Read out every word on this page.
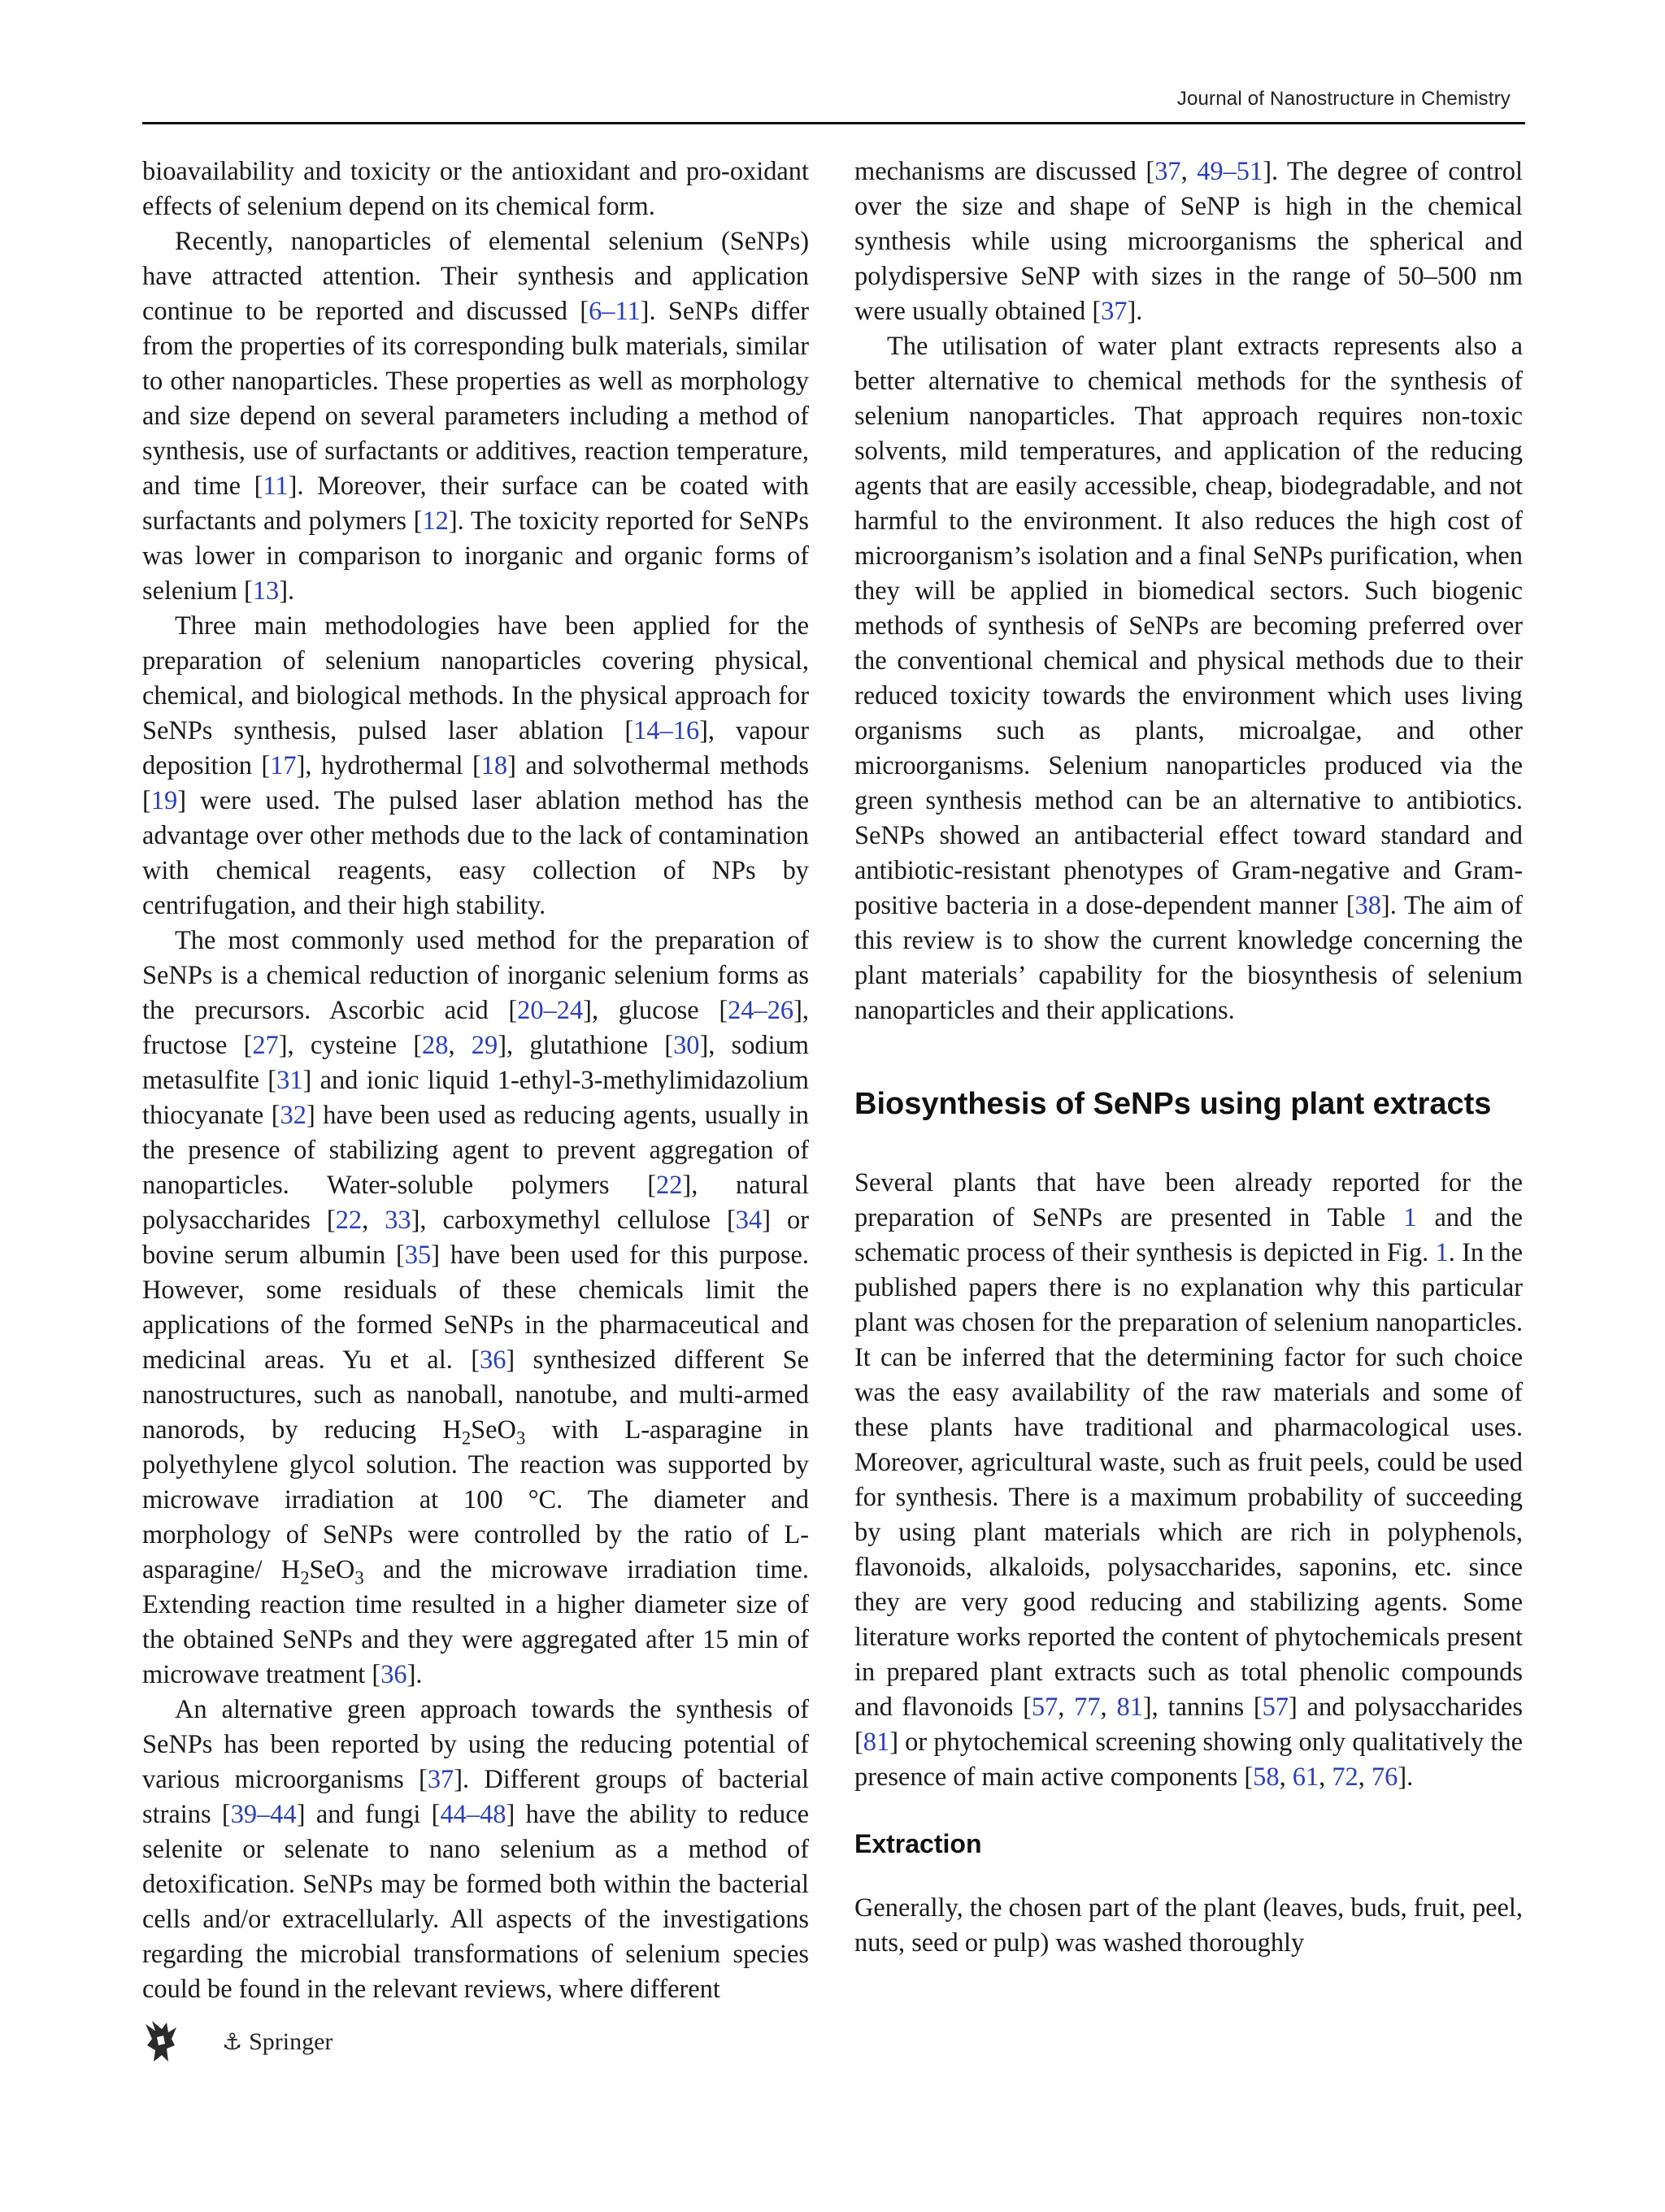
Journal of Nanostructure in Chemistry

bioavailability and toxicity or the antioxidant and pro-oxidant effects of selenium depend on its chemical form.

Recently, nanoparticles of elemental selenium (SeNPs) have attracted attention. Their synthesis and application continue to be reported and discussed [6–11]. SeNPs differ from the properties of its corresponding bulk materials, similar to other nanoparticles. These properties as well as morphology and size depend on several parameters including a method of synthesis, use of surfactants or additives, reaction temperature, and time [11]. Moreover, their surface can be coated with surfactants and polymers [12]. The toxicity reported for SeNPs was lower in comparison to inorganic and organic forms of selenium [13].

Three main methodologies have been applied for the preparation of selenium nanoparticles covering physical, chemical, and biological methods. In the physical approach for SeNPs synthesis, pulsed laser ablation [14–16], vapour deposition [17], hydrothermal [18] and solvothermal methods [19] were used. The pulsed laser ablation method has the advantage over other methods due to the lack of contamination with chemical reagents, easy collection of NPs by centrifugation, and their high stability.

The most commonly used method for the preparation of SeNPs is a chemical reduction of inorganic selenium forms as the precursors. Ascorbic acid [20–24], glucose [24–26], fructose [27], cysteine [28, 29], glutathione [30], sodium metasulfite [31] and ionic liquid 1-ethyl-3-methylimidazolium thiocyanate [32] have been used as reducing agents, usually in the presence of stabilizing agent to prevent aggregation of nanoparticles. Water-soluble polymers [22], natural polysaccharides [22, 33], carboxymethyl cellulose [34] or bovine serum albumin [35] have been used for this purpose. However, some residuals of these chemicals limit the applications of the formed SeNPs in the pharmaceutical and medicinal areas. Yu et al. [36] synthesized different Se nanostructures, such as nanoball, nanotube, and multi-armed nanorods, by reducing $H_2SeO_3$ with L-asparagine in polyethylene glycol solution. The reaction was supported by microwave irradiation at 100 °C. The diameter and morphology of SeNPs were controlled by the ratio of L-asparagine/ $H_2SeO_3$ and the microwave irradiation time. Extending reaction time resulted in a higher diameter size of the obtained SeNPs and they were aggregated after 15 min of microwave treatment [36].

An alternative green approach towards the synthesis of SeNPs has been reported by using the reducing potential of various microorganisms [37]. Different groups of bacterial strains [39–44] and fungi [44–48] have the ability to reduce selenite or selenate to nano selenium as a method of detoxification. SeNPs may be formed both within the bacterial cells and/or extracellularly. All aspects of the investigations regarding the microbial transformations of selenium species could be found in the relevant reviews, where different

mechanisms are discussed [37, 49–51]. The degree of control over the size and shape of SeNP is high in the chemical synthesis while using microorganisms the spherical and polydispersive SeNP with sizes in the range of 50–500 nm were usually obtained [37].

The utilisation of water plant extracts represents also a better alternative to chemical methods for the synthesis of selenium nanoparticles. That approach requires non-toxic solvents, mild temperatures, and application of the reducing agents that are easily accessible, cheap, biodegradable, and not harmful to the environment. It also reduces the high cost of microorganism’s isolation and a final SeNPs purification, when they will be applied in biomedical sectors. Such biogenic methods of synthesis of SeNPs are becoming preferred over the conventional chemical and physical methods due to their reduced toxicity towards the environment which uses living organisms such as plants, microalgae, and other microorganisms. Selenium nanoparticles produced via the green synthesis method can be an alternative to antibiotics. SeNPs showed an antibacterial effect toward standard and antibiotic-resistant phenotypes of Gram-negative and Gram-positive bacteria in a dose-dependent manner [38]. The aim of this review is to show the current knowledge concerning the plant materials’ capability for the biosynthesis of selenium nanoparticles and their applications.

Biosynthesis of SeNPs using plant extracts

Several plants that have been already reported for the preparation of SeNPs are presented in Table 1 and the schematic process of their synthesis is depicted in Fig. 1. In the published papers there is no explanation why this particular plant was chosen for the preparation of selenium nanoparticles. It can be inferred that the determining factor for such choice was the easy availability of the raw materials and some of these plants have traditional and pharmacological uses. Moreover, agricultural waste, such as fruit peels, could be used for synthesis. There is a maximum probability of succeeding by using plant materials which are rich in polyphenols, flavonoids, alkaloids, polysaccharides, saponins, etc. since they are very good reducing and stabilizing agents. Some literature works reported the content of phytochemicals present in prepared plant extracts such as total phenolic compounds and flavonoids [57, 77, 81], tannins [57] and polysaccharides [81] or phytochemical screening showing only qualitatively the presence of main active components [58, 61, 72, 76].

Extraction

Generally, the chosen part of the plant (leaves, buds, fruit, peel, nuts, seed or pulp) was washed thoroughly

⚓︎ Springer
